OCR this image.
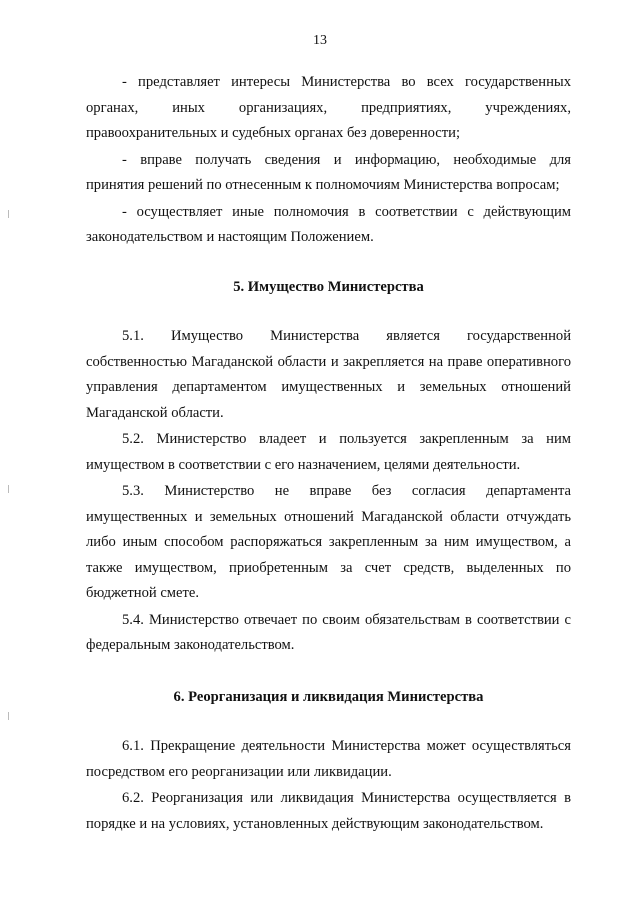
13

- представляет интересы Министерства во всех государственных
органах, иных организациях, предприятиях, учреждениях, правоохранительных и судебных органах без доверенности;

- вправе получать сведения и информацию, необходимые для
принятия решений по отнесенным к полномочиям Министерства вопросам;

- осуществляет иные полномочия в соответствии с действующим
законодательством и настоящим Положением.

5. Имущество Министерства

5.1. Имущество Министерства является государственной собственностью Магаданской области и закрепляется на праве оперативного управления департаментом имущественных и земельных отношений Магаданской области.

5.2. Министерство владеет и пользуется закрепленным за ним имуществом в соответствии с его назначением, целями деятельности.

5.3. Министерство не вправе без согласия департамента имущественных и земельных отношений Магаданской области отчуждать либо иным способом распоряжаться закрепленным за ним имуществом, а также имуществом, приобретенным за счет средств, выделенных по бюджетной смете.

5.4. Министерство отвечает по своим обязательствам в соответствии с федеральным законодательством.

6. Реорганизация и ликвидация Министерства

6.1. Прекращение деятельности Министерства может осуществляться посредством его реорганизации или ликвидации.

6.2. Реорганизация или ликвидация Министерства осуществляется в порядке и на условиях, установленных действующим законодательством.
